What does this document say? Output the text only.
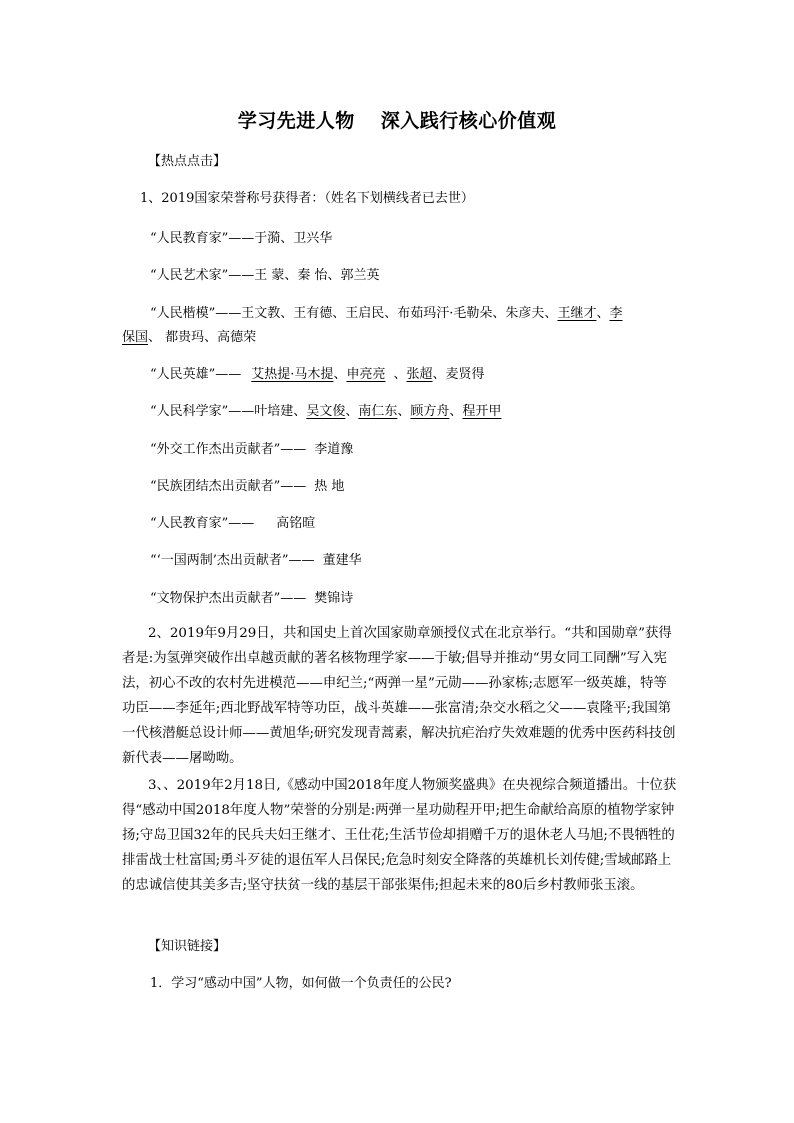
学习先进人物 深入践行核心价值观
【热点点击】
1、2019国家荣誉称号获得者：（姓名下划横线者已去世）
“人民教育家”——于漪、卫兴华
“人民艺术家”——王 蒙、秦 怡、郭兰英
“人民楷模”——王文教、王有德、王启民、布茹玛汗·毛勒朵、朱彦夫、王继才、李
保国、 都贵玛、高德荣
“人民英雄”—— 艾热提·马木提、申亮亮 、张超、麦贤得
“人民科学家”——叶培建、吴文俊、南仁东、顾方舟、程开甲
“外交工作杰出贡献者”—— 李道豫
“民族团结杰出贡献者”—— 热 地
“人民教育家”—— 高铭暄
“‘一国两制’杰出贡献者”—— 董建华
“文物保护杰出贡献者”—— 樊锦诗
2、2019年9月29日，共和国史上首次国家勋章颁授仪式在北京举行。“共和国勋章”获得者是:为氢弹突破作出卓越贡献的著名核物理学家——于敏;倡导并推动“男女同工同酬”写入宪法，初心不改的农村先进模范——申纪兰;“两弹一星”元勋——孙家栋;志愿军一级英雄，特等功臣——李延年;西北野战军特等功臣，战斗英雄——张富清;杂交水稻之父——袁隆平;我国第一代核潜艇总设计师——黄旭华;研究发现青蒿素，解决抗疟治疗失效难题的优秀中医药科技创新代表——屠呦呦。
3、、2019年2月18日,《感动中国2018年度人物颁奖盛典》在央视综合频道播出。十位获得“感动中国2018年度人物”荣誉的分别是:两弹一星功勋程开甲;把生命献给高原的植物学家钟扬;守岛卫国32年的民兵夫妇王继才、王仕花;生活节俭却捐赠千万的退休老人马旭;不畏牺牲的排雷战士杜富国;勇斗歹徒的退伍军人吕保民;危急时刻安全降落的英雄机长刘传健;雪域邮路上的忠诚信使其美多吉;坚守扶贫一线的基层干部张渠伟;担起未来的80后乡村教师张玉滚。
【知识链接】
1．学习“感动中国”人物，如何做一个负责任的公民?
